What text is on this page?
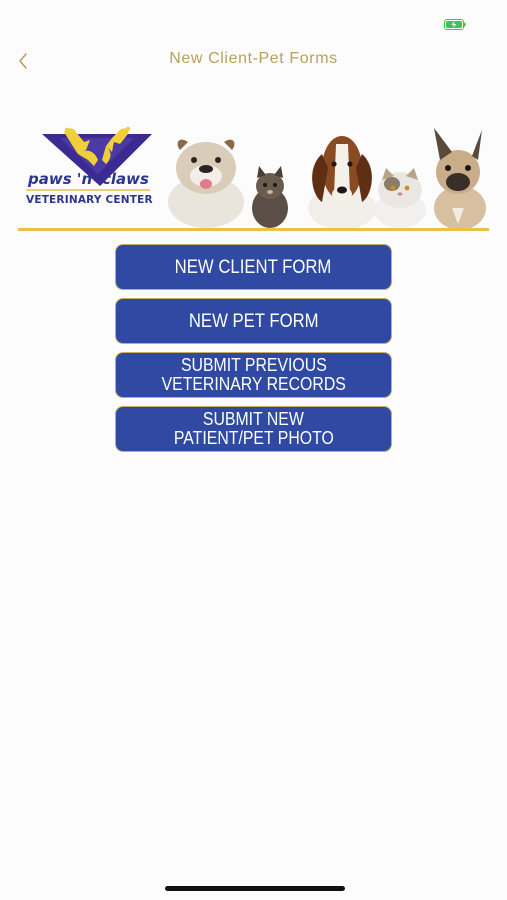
New Client-Pet Forms
paws 'n' claws
VETERINARY CENTER
NEW CLIENT FORM
NEW PET FORM
SUBMIT PREVIOUS
VETERINARY RECORDS
SUBMIT NEW
PATIENT/PET PHOTO
